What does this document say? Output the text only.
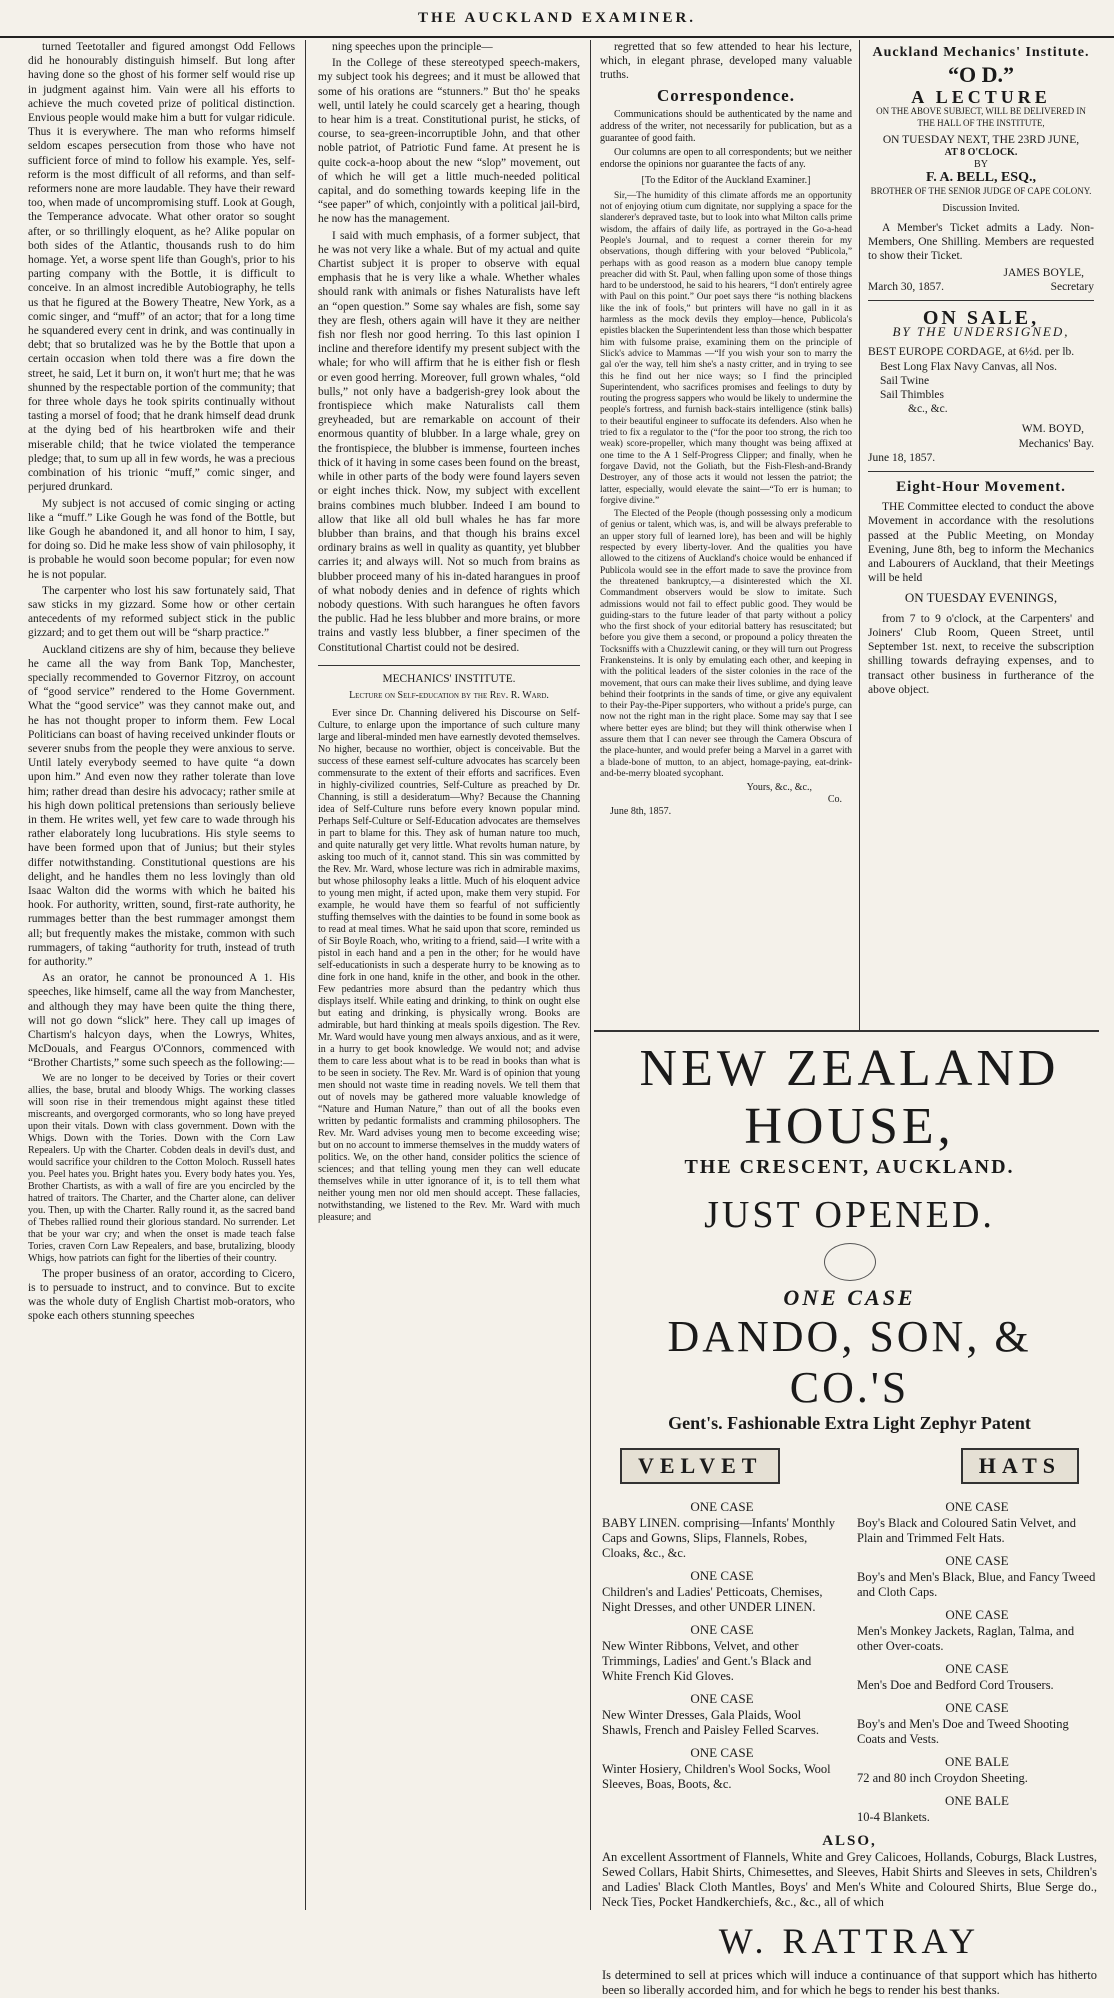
THE AUCKLAND EXAMINER.

turned Teetotaller and figured amongst Odd Fellows did he honourably distinguish himself. But long after having done so the ghost of his former self would rise up in judgment against him. Vain were all his efforts to achieve the much coveted prize of political distinction. Envious people would make him a butt for vulgar ridicule. Thus it is everywhere. The man who reforms himself seldom escapes persecution from those who have not sufficient force of mind to follow his example. Yes, self-reform is the most difficult of all reforms, and than self-reformers none are more laudable. They have their reward too, when made of uncompromising stuff. Look at Gough, the Temperance advocate. What other orator so sought after, or so thrillingly eloquent, as he? Alike popular on both sides of the Atlantic, thousands rush to do him homage. Yet, a worse spent life than Gough's, prior to his parting company with the Bottle, it is difficult to conceive. In an almost incredible Autobiography, he tells us that he figured at the Bowery Theatre, New York, as a comic singer, and “muff” of an actor; that for a long time he squandered every cent in drink, and was continually in debt; that so brutalized was he by the Bottle that upon a certain occasion when told there was a fire down the street, he said, Let it burn on, it won't hurt me; that he was shunned by the respectable portion of the community; that for three whole days he took spirits continually without tasting a morsel of food; that he drank himself dead drunk at the dying bed of his heartbroken wife and their miserable child; that he twice violated the temperance pledge; that, to sum up all in few words, he was a precious combination of his trionic “muff,” comic singer, and perjured drunkard.

My subject is not accused of comic singing or acting like a “muff.” Like Gough he was fond of the Bottle, but like Gough he abandoned it, and all honor to him, I say, for doing so. Did he make less show of vain philosophy, it is probable he would soon become popular; for even now he is not popular.

The carpenter who lost his saw fortunately said, That saw sticks in my gizzard. Some how or other certain antecedents of my reformed subject stick in the public gizzard; and to get them out will be “sharp practice.”

Auckland citizens are shy of him, because they believe he came all the way from Bank Top, Manchester, specially recommended to Governor Fitzroy, on account of “good service” rendered to the Home Government. What the “good service” was they cannot make out, and he has not thought proper to inform them. Few Local Politicians can boast of having received unkinder flouts or severer snubs from the people they were anxious to serve. Until lately everybody seemed to have quite “a down upon him.” And even now they rather tolerate than love him; rather dread than desire his advocacy; rather smile at his high down political pretensions than seriously believe in them. He writes well, yet few care to wade through his rather elaborately long lucubrations. His style seems to have been formed upon that of Junius; but their styles differ notwithstanding. Constitutional questions are his delight, and he handles them no less lovingly than old Isaac Walton did the worms with which he baited his hook. For authority, written, sound, first-rate authority, he rummages better than the best rummager amongst them all; but frequently makes the mistake, common with such rummagers, of taking “authority for truth, instead of truth for authority.”

As an orator, he cannot be pronounced A 1. His speeches, like himself, came all the way from Manchester, and although they may have been quite the thing there, will not go down “slick” here. They call up images of Chartism's halcyon days, when the Lowrys, Whites, McDouals, and Feargus O'Connors, commenced with “Brother Chartists,” some such speech as the following:—

We are no longer to be deceived by Tories or their covert allies, the base, brutal and bloody Whigs. The working classes will soon rise in their tremendous might against these titled miscreants, and overgorged cormorants, who so long have preyed upon their vitals. Down with class government. Down with the Whigs. Down with the Tories. Down with the Corn Law Repealers. Up with the Charter. Cobden deals in devil's dust, and would sacrifice your children to the Cotton Moloch. Russell hates you. Peel hates you. Bright hates you. Every body hates you. Yes, Brother Chartists, as with a wall of fire are you encircled by the hatred of traitors. The Charter, and the Charter alone, can deliver you. Then, up with the Charter. Rally round it, as the sacred band of Thebes rallied round their glorious standard. No surrender. Let that be your war cry; and when the onset is made teach false Tories, craven Corn Law Repealers, and base, brutalizing, bloody Whigs, how patriots can fight for the liberties of their country.

The proper business of an orator, according to Cicero, is to persuade to instruct, and to convince. But to excite was the whole duty of English Chartist mob-orators, who spoke each others stunning speeches

ning speeches upon the principle—

In the College of these stereotyped speech-makers, my subject took his degrees; and it must be allowed that some of his orations are “stunners.” But tho' he speaks well, until lately he could scarcely get a hearing, though to hear him is a treat. Constitutional purist, he sticks, of course, to sea-green-incorruptible John, and that other noble patriot, of Patriotic Fund fame. At present he is quite cock-a-hoop about the new “slop” movement, out of which he will get a little much-needed political capital, and do something towards keeping life in the “see paper” of which, conjointly with a political jail-bird, he now has the management.

I said with much emphasis, of a former subject, that he was not very like a whale. But of my actual and quite Chartist subject it is proper to observe with equal emphasis that he is very like a whale. Whether whales should rank with animals or fishes Naturalists have left an “open question.” Some say whales are fish, some say they are flesh, others again will have it they are neither fish nor flesh nor good herring. To this last opinion I incline and therefore identify my present subject with the whale; for who will affirm that he is either fish or flesh or even good herring. Moreover, full grown whales, “old bulls,” not only have a badgerish-grey look about the frontispiece which make Naturalists call them greyheaded, but are remarkable on account of their enormous quantity of blubber. In a large whale, grey on the frontispiece, the blubber is immense, fourteen inches thick of it having in some cases been found on the breast, while in other parts of the body were found layers seven or eight inches thick. Now, my subject with excellent brains combines much blubber. Indeed I am bound to allow that like all old bull whales he has far more blubber than brains, and that though his brains excel ordinary brains as well in quality as quantity, yet blubber carries it; and always will. Not so much from brains as blubber proceed many of his in-dated harangues in proof of what nobody denies and in defence of rights which nobody questions. With such harangues he often favors the public. Had he less blubber and more brains, or more trains and vastly less blubber, a finer specimen of the Constitutional Chartist could not be desired.

MECHANICS' INSTITUTE.
Lecture on Self-education by the Rev. R. Ward.

Ever since Dr. Channing delivered his Discourse on Self-Culture, to enlarge upon the importance of such culture many large and liberal-minded men have earnestly devoted themselves. No higher, because no worthier, object is conceivable. But the success of these earnest self-culture advocates has scarcely been commensurate to the extent of their efforts and sacrifices. Even in highly-civilized countries, Self-Culture as preached by Dr. Channing, is still a desideratum—Why? Because the Channing idea of Self-Culture runs before every known popular mind. Perhaps Self-Culture or Self-Education advocates are themselves in part to blame for this. They ask of human nature too much, and quite naturally get very little. What revolts human nature, by asking too much of it, cannot stand. This sin was committed by the Rev. Mr. Ward, whose lecture was rich in admirable maxims, but whose philosophy leaks a little. Much of his eloquent advice to young men might, if acted upon, make them very stupid. For example, he would have them so fearful of not sufficiently stuffing themselves with the dainties to be found in some book as to read at meal times. What he said upon that score, reminded us of Sir Boyle Roach, who, writing to a friend, said—I write with a pistol in each hand and a pen in the other; for he would have self-educationists in such a desperate hurry to be knowing as to dine fork in one hand, knife in the other, and book in the other. Few pedantries more absurd than the pedantry which thus displays itself. While eating and drinking, to think on ought else but eating and drinking, is physically wrong. Books are admirable, but hard thinking at meals spoils digestion. The Rev. Mr. Ward would have young men always anxious, and as it were, in a hurry to get book knowledge. We would not; and advise them to care less about what is to be read in books than what is to be seen in society. The Rev. Mr. Ward is of opinion that young men should not waste time in reading novels. We tell them that out of novels may be gathered more valuable knowledge of “Nature and Human Nature,” than out of all the books even written by pedantic formalists and cramming philosophers. The Rev. Mr. Ward advises young men to become exceeding wise; but on no account to immerse themselves in the muddy waters of politics. We, on the other hand, consider politics the science of sciences; and that telling young men they can well educate themselves while in utter ignorance of it, is to tell them what neither young men nor old men should accept. These fallacies, notwithstanding, we listened to the Rev. Mr. Ward with much pleasure; and

regretted that so few attended to hear his lecture, which, in elegant phrase, developed many valuable truths.

Correspondence.

Communications should be authenticated by the name and address of the writer, not necessarily for publication, but as a guarantee of good faith.

Our columns are open to all correspondents; but we neither endorse the opinions nor guarantee the facts of any.

[To the Editor of the Auckland Examiner.]

Sir,—The humidity of this climate affords me an opportunity not of enjoying otium cum dignitate, nor supplying a space for the slanderer's depraved taste, but to look into what Milton calls prime wisdom, the affairs of daily life, as portrayed in the Go-a-head People's Journal, and to request a corner therein for my observations, though differing with your beloved “Publicola,” perhaps with as good reason as a modern blue canopy temple preacher did with St. Paul, when falling upon some of those things hard to be understood, he said to his hearers, “I don't entirely agree with Paul on this point.” Our poet says there “is nothing blackens like the ink of fools,” but printers will have no gall in it as harmless as the mock devils they employ—hence, Publicola's epistles blacken the Superintendent less than those which bespatter him with fulsome praise, examining them on the principle of Slick's advice to Mammas —“If you wish your son to marry the gal o'er the way, tell him she's a nasty critter, and in trying to see this he find out her nice ways; so I find the principled Superintendent, who sacrifices promises and feelings to duty by routing the progress sappers who would be likely to undermine the people's fortress, and furnish back-stairs intelligence (stink balls) to their beautiful engineer to suffocate its defenders. Also when he tried to fix a regulator to the (“for the poor too strong, the rich too weak) score-propeller, which many thought was being affixed at one time to the A 1 Self-Progress Clipper; and finally, when he forgave David, not the Goliath, but the Fish-Flesh-and-Brandy Destroyer, any of those acts it would not lessen the patriot; the latter, especially, would elevate the saint—“To err is human; to forgive divine.”

The Elected of the People (though possessing only a modicum of genius or talent, which was, is, and will be always preferable to an upper story full of learned lore), has been and will be highly respected by every liberty-lover. And the qualities you have allowed to the citizens of Auckland's choice would be enhanced if Publicola would see in the effort made to save the province from the threatened bankruptcy,—a disinterested which the XI. Commandment observers would be slow to imitate. Such admissions would not fail to effect public good. They would be guiding-stars to the future leader of that party without a policy who the first shock of your editorial battery has resuscitated; but before you give them a second, or propound a policy threaten the Tocksniffs with a Chuzzlewit caning, or they will turn out Progress Frankensteins. It is only by emulating each other, and keeping in with the political leaders of the sister colonies in the race of the movement, that ours can make their lives sublime, and dying leave behind their footprints in the sands of time, or give any equivalent to their Pay-the-Piper supporters, who without a pride's purge, can now not the right man in the right place. Some may say that I see where better eyes are blind; but they will think otherwise when I assure them that I can never see through the Camera Obscura of the place-hunter, and would prefer being a Marvel in a garret with a blade-bone of mutton, to an abject, homage-paying, eat-drink-and-be-merry bloated sycophant.

Yours, &c., &c.,
Co.
June 8th, 1857.
Auckland Mechanics' Institute.
“O D.”
A LECTURE
ON THE ABOVE SUBJECT, WILL BE DELIVERED IN THE HALL OF THE INSTITUTE,
ON TUESDAY NEXT, THE 23RD JUNE,
AT 8 O'CLOCK.
BY
F. A. BELL, ESQ.,
BROTHER OF THE SENIOR JUDGE OF CAPE COLONY.
Discussion Invited.

A Member's Ticket admits a Lady. Non-Members, One Shilling. Members are requested to show their Ticket.

JAMES BOYLE,
March 30, 1857.	Secretary
ON SALE,
BY THE UNDERSIGNED,
BEST EUROPE CORDAGE, at 6½d. per lb.
Best Long Flax Navy Canvas, all Nos.
Sail Twine
Sail Thimbles
&c., &c.
WM. BOYD,
Mechanics' Bay.
June 18, 1857.
Eight-Hour Movement.

THE Committee elected to conduct the above Movement in accordance with the resolutions passed at the Public Meeting, on Monday Evening, June 8th, beg to inform the Mechanics and Labourers of Auckland, that their Meetings will be held

ON TUESDAY EVENINGS,

from 7 to 9 o'clock, at the Carpenters' and Joiners' Club Room, Queen Street, until September 1st. next, to receive the subscription shilling towards defraying expenses, and to transact other business in furtherance of the above object.

NEW ZEALAND HOUSE,
THE CRESCENT, AUCKLAND.
JUST OPENED.
ONE CASE
DANDO, SON, & CO.'S
Gent's. Fashionable Extra Light Zephyr Patent
VELVET	HATS
ONE CASE
BABY LINEN. comprising—Infants' Monthly Caps and Gowns, Slips, Flannels, Robes, Cloaks, &c., &c.
ONE CASE
Children's and Ladies' Petticoats, Chemises, Night Dresses, and other UNDER LINEN.
ONE CASE
New Winter Ribbons, Velvet, and other Trimmings, Ladies' and Gent.'s Black and White French Kid Gloves.
ONE CASE
New Winter Dresses, Gala Plaids, Wool Shawls, French and Paisley Felled Scarves.
ONE CASE
Winter Hosiery, Children's Wool Socks, Wool Sleeves, Boas, Boots, &c.
ONE CASE
Boy's Black and Coloured Satin Velvet, and Plain and Trimmed Felt Hats.
ONE CASE
Boy's and Men's Black, Blue, and Fancy Tweed and Cloth Caps.
ONE CASE
Men's Monkey Jackets, Raglan, Talma, and other Over-coats.
ONE CASE
Men's Doe and Bedford Cord Trousers.
ONE CASE
Boy's and Men's Doe and Tweed Shooting Coats and Vests.
ONE BALE
72 and 80 inch Croydon Sheeting.
ONE BALE
10-4 Blankets.
ALSO,
An excellent Assortment of Flannels, White and Grey Calicoes, Hollands, Coburgs, Black Lustres, Sewed Collars, Habit Shirts, Chimesettes, and Sleeves, Habit Shirts and Sleeves in sets, Children's and Ladies' Black Cloth Mantles, Boys' and Men's White and Coloured Shirts, Blue Serge do., Neck Ties, Pocket Handkerchiefs, &c., &c., all of which
W. RATTRAY
Is determined to sell at prices which will induce a continuance of that support which has hitherto been so liberally accorded him, and for which he begs to render his best thanks.
